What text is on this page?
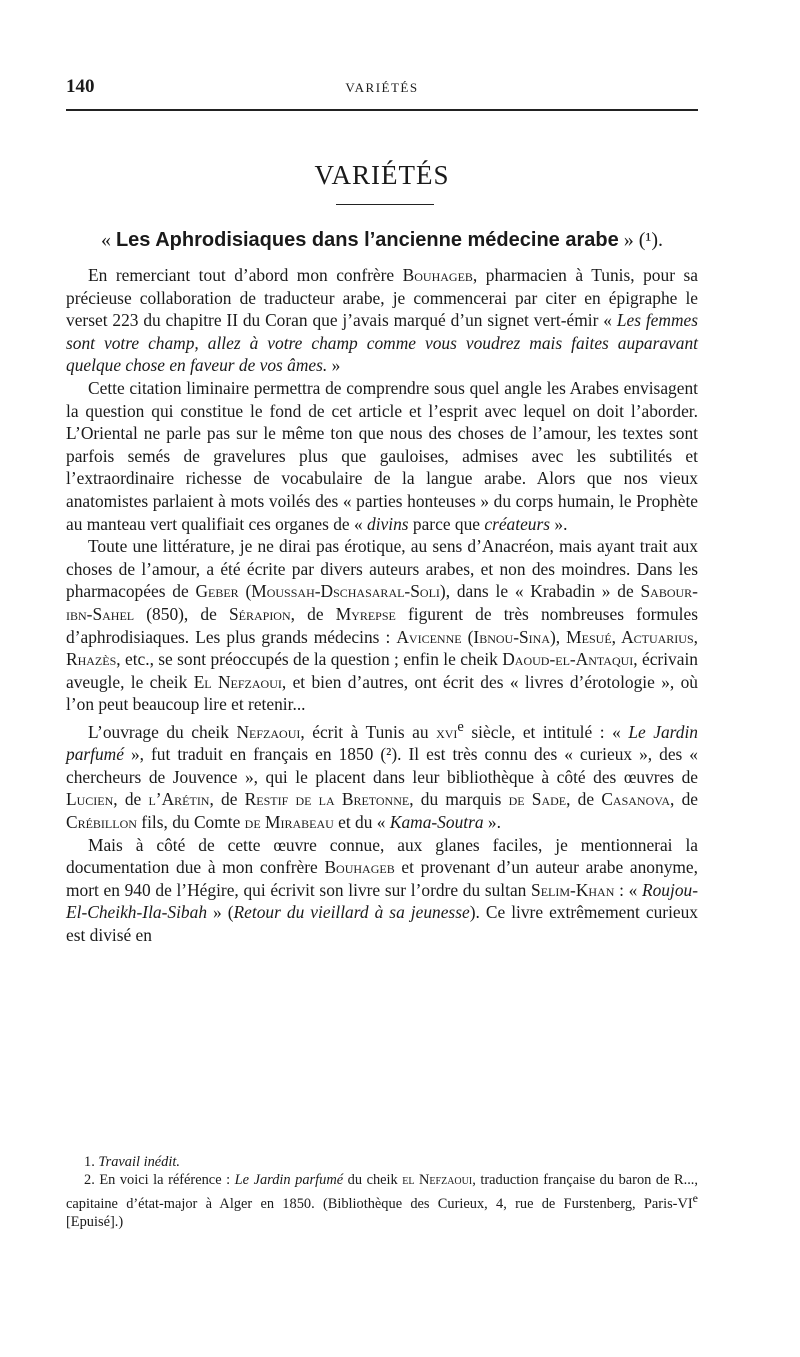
140	VARIÉTÉS
VARIÉTÉS
« Les Aphrodisiaques dans l’ancienne médecine arabe » (¹).

En remerciant tout d’abord mon confrère Bouhageb, pharmacien à Tunis, pour sa précieuse collaboration de traducteur arabe, je commencerai par citer en épigraphe le verset 223 du chapitre II du Coran que j’avais marqué d’un signet vert-émir « Les femmes sont votre champ, allez à votre champ comme vous voudrez mais faites auparavant quelque chose en faveur de vos âmes. »

Cette citation liminaire permettra de comprendre sous quel angle les Arabes envisagent la question qui constitue le fond de cet article et l’esprit avec lequel on doit l’aborder. L’Oriental ne parle pas sur le même ton que nous des choses de l’amour, les textes sont parfois semés de gravelures plus que gauloises, admises avec les subtilités et l’extraordinaire richesse de vocabulaire de la langue arabe. Alors que nos vieux anatomistes parlaient à mots voilés des « parties honteuses » du corps humain, le Prophète au manteau vert qualifiait ces organes de « divins parce que créateurs ».

Toute une littérature, je ne dirai pas érotique, au sens d’Anacréon, mais ayant trait aux choses de l’amour, a été écrite par divers auteurs arabes, et non des moindres. Dans les pharmacopées de Geber (Moussah-Dschasaral-Soli), dans le « Krabadin » de Sabour-ibn-Sahel (850), de Sérapion, de Myrepse figurent de très nombreuses formules d’aphrodisiaques. Les plus grands médecins : Avicenne (Ibnou-Sina), Mesué, Actuarius, Rhazès, etc., se sont préoccupés de la question ; enfin le cheik Daoud-el-Antaqui, écrivain aveugle, le cheik El Nefzaoui, et bien d’autres, ont écrit des « livres d’érotologie », où l’on peut beaucoup lire et retenir...

L’ouvrage du cheik Nefzaoui, écrit à Tunis au xvi$^e$ siècle, et intitulé : « Le Jardin parfumé », fut traduit en français en 1850 (²). Il est très connu des « curieux », des « chercheurs de Jouvence », qui le placent dans leur bibliothèque à côté des œuvres de Lucien, de l’Arétin, de Restif de la Bretonne, du marquis de Sade, de Casanova, de Crébillon fils, du Comte de Mirabeau et du « Kama-Soutra ».

Mais à côté de cette œuvre connue, aux glanes faciles, je mentionnerai la documentation due à mon confrère Bouhageb et provenant d’un auteur arabe anonyme, mort en 940 de l’Hégire, qui écrivit son livre sur l’ordre du sultan Selim-Khan : « Roujou-El-Cheikh-Ila-Sibah » (Retour du vieillard à sa jeunesse). Ce livre extrêmement curieux est divisé en

1. Travail inédit.

2. En voici la référence : Le Jardin parfumé du cheik el Nefzaoui, traduction française du baron de R..., capitaine d’état-major à Alger en 1850. (Bibliothèque des Curieux, 4, rue de Furstenberg, Paris-VIe [Epuisé].)
